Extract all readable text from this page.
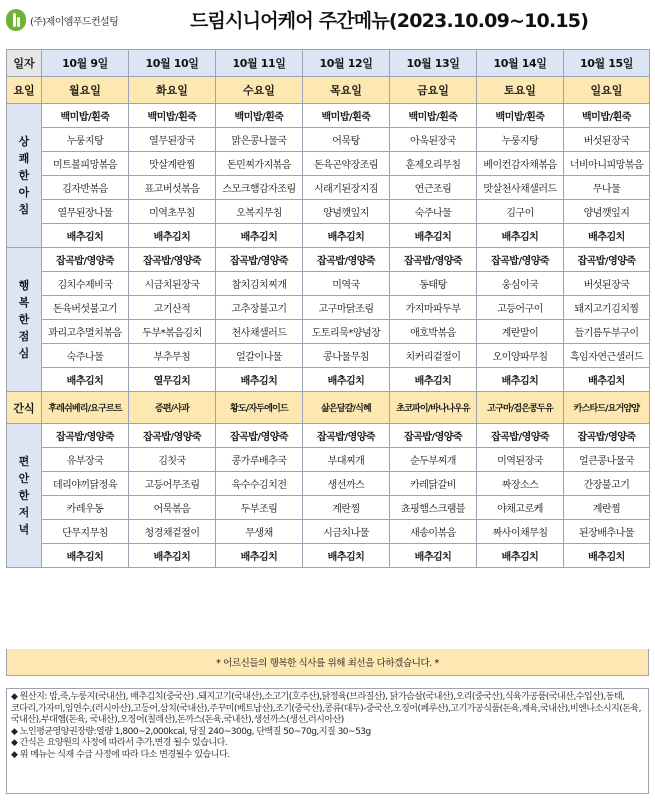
(주)제이엠푸드컨설팅	드림시니어케어 주간메뉴(2023.10.09~10.15)
일자	10월 9일	10월 10일	10월 11일	10월 12일	10월 13일	10월 14일	10월 15일
요일	월요일	화요일	수요일	목요일	금요일	토요일	일요일
상
쾌
한
아
침	백미밥/흰죽	백미밥/흰죽	백미밥/흰죽	백미밥/흰죽	백미밥/흰죽	백미밥/흰죽	백미밥/흰죽
	누룽지탕	열무된장국	맑은콩나물국	어묵탕	아욱된장국	누룽지탕	버섯된장국
	미트볼피망볶음	맛살계란찜	돈민찌가지볶음	돈육곤약장조림	훈제오리무침	베이컨감자채볶음	너비아니피망볶음
	김자반볶음	표고버섯볶음	스모크햄감자조림	시래기된장지짐	연근조림	맛살천사채샐러드	무나물
	열무된장나물	미역초무침	오복지무침	양념깻잎지	숙주나물	김구이	양념깻잎지
	배추김치	배추김치	배추김치	배추김치	배추김치	배추김치	배추김치
행
복
한
점
심	잡곡밥/영양죽	잡곡밥/영양죽	잡곡밥/영양죽	잡곡밥/영양죽	잡곡밥/영양죽	잡곡밥/영양죽	잡곡밥/영양죽
	김치수제비국	시금치된장국	참치김치찌개	미역국	동태탕	웅심이국	버섯된장국
	돈육버섯불고기	고기산적	고추장불고기	고구마닭조림	가지마파두부	고등어구이	돼지고기김치찜
	꽈리고추멸치볶음	두부*볶음김치	천사채샐러드	도토리묵*양념장	애호박볶음	계란말이	들기름두부구이
	숙주나물	부추무침	얼갈이나물	콩나물무침	치커리겉절이	오이양파무침	흑임자연근샐러드
	배추김치	열무김치	배추김치	배추김치	배추김치	배추김치	배추김치
간식	후레쉬베리/요구르트	증편/사과	황도/자두에이드	삶은달걀/식혜	초코파이/바나나우유	고구마/검은콩두유	카스타드/요거얌얌
편
안
한
저
녁	잡곡밥/영양죽	잡곡밥/영양죽	잡곡밥/영양죽	잡곡밥/영양죽	잡곡밥/영양죽	잡곡밥/영양죽	잡곡밥/영양죽
	유부장국	김칫국	콩가루배추국	부대찌개	순두부찌개	미역된장국	얼큰콩나물국
	데리야끼닭정육	고등어무조림	육수수김치전	생선까스	카레닭갈비	짜장소스	간장불고기
	카레우동	어묵볶음	두부조림	계란찜	쵸핑햄스크램블	야채고로케	계란찜
	단무지무침	청경채겉절이	무생채	시금치나물	새송이볶음	짜사이채무침	된장배추나물
	배추김치	배추김치	배추김치	배추김치	배추김치	배추김치	배추김치
* 어르신들의 행복한 식사를 위해 최선을 다하겠습니다. *

◆ 원산지: 밥,죽,누룽지(국내산), 배추김치(중국산) .돼지고기(국내산),소고기(호주산),닭정육(브라질산), 닭가슴살(국내산),오리(중국산),식육가공품(국내산,수입산),동태,코다리,가자미,임연수,(러시아산),고등어,삼치(국내산),주꾸미(베트남산),조기(중국산),콩류(대두)-중국산,오징어(페루산),고기가공식품(돈육,계육,국내산),비엔나소시지(돈육,국내산),부대햄(돈육, 국내산),오징어(칠레산),돈까스(돈육,국내산),생선까스(생선,러시아산)

◆ 노인평균영양권장량:열량 1,800~2,000kcal, 당질 240~300g, 단백질 50~70g,지질 30~53g

◆ 간식은 요양원의 사정에 따라서 추가,변경 될수 있습니다.

◆ 위 메뉴는 식재 수급 사정에 따라 다소 변경될수 있습니다.
